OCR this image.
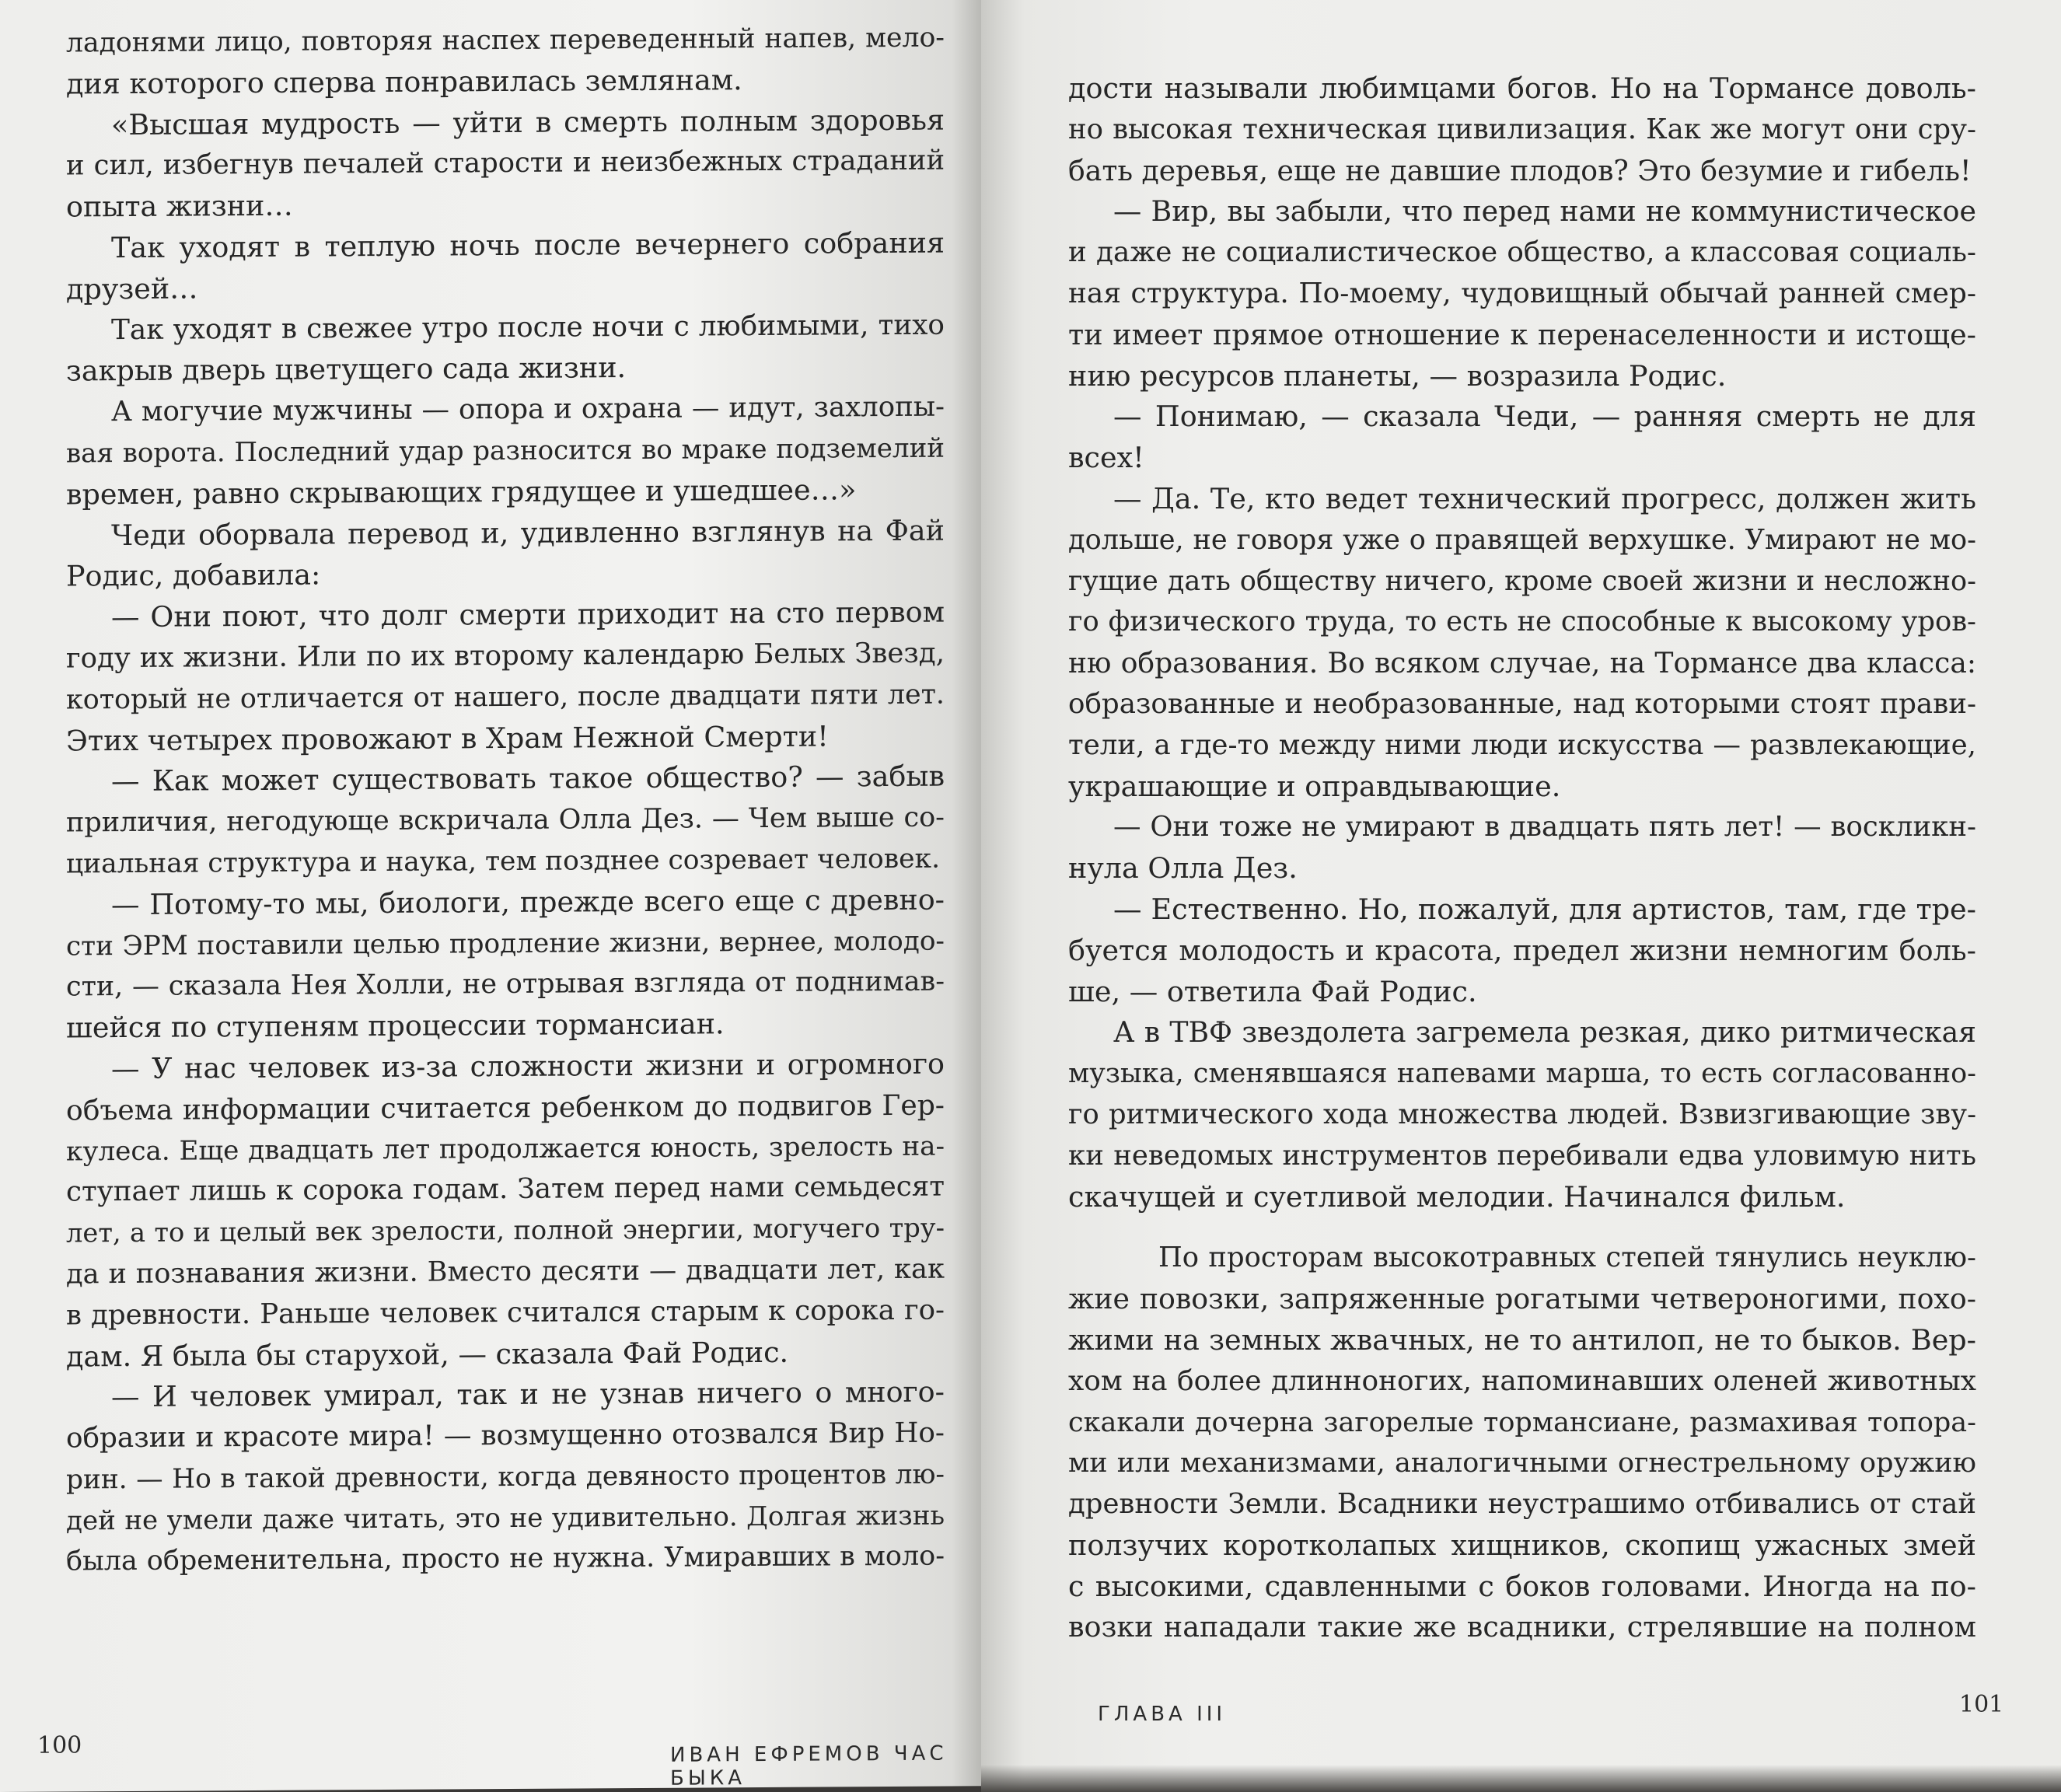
ладонями лицо, повторяя наспех переведенный напев, мело-
дия которого сперва понравилась землянам.
«Высшая мудрость — уйти в смерть полным здоровья
и сил, избегнув печалей старости и неизбежных страданий
опыта жизни…
Так уходят в теплую ночь после вечернего собрания
друзей…
Так уходят в свежее утро после ночи с любимыми, тихо
закрыв дверь цветущего сада жизни.
А могучие мужчины — опора и охрана — идут, захлопы-
вая ворота. Последний удар разносится во мраке подземелий
времен, равно скрывающих грядущее и ушедшее…»
Чеди оборвала перевод и, удивленно взглянув на Фай
Родис, добавила:
— Они поют, что долг смерти приходит на сто первом
году их жизни. Или по их второму календарю Белых Звезд,
который не отличается от нашего, после двадцати пяти лет.
Этих четырех провожают в Храм Нежной Смерти!
— Как может существовать такое общество? — забыв
приличия, негодующе вскричала Олла Дез. — Чем выше со-
циальная структура и наука, тем позднее созревает человек.
— Потому-то мы, биологи, прежде всего еще с древно-
сти ЭРМ поставили целью продление жизни, вернее, молодо-
сти, — сказала Нея Холли, не отрывая взгляда от поднимав-
шейся по ступеням процессии тормансиан.
— У нас человек из-за сложности жизни и огромного
объема информации считается ребенком до подвигов Гер-
кулеса. Еще двадцать лет продолжается юность, зрелость на-
ступает лишь к сорока годам. Затем перед нами семьдесят
лет, а то и целый век зрелости, полной энергии, могучего тру-
да и познавания жизни. Вместо десяти — двадцати лет, как
в древности. Раньше человек считался старым к сорока го-
дам. Я была бы старухой, — сказала Фай Родис.
— И человек умирал, так и не узнав ничего о много-
образии и красоте мира! — возмущенно отозвался Вир Но-
рин. — Но в такой древности, когда девяносто процентов лю-
дей не умели даже читать, это не удивительно. Долгая жизнь
была обременительна, просто не нужна. Умиравших в моло-
100	ИВАН ЕФРЕМОВ ЧАС БЫКА
дости называли любимцами богов. Но на Тормансе доволь-
но высокая техническая цивилизация. Как же могут они сру-
бать деревья, еще не давшие плодов? Это безумие и гибель!
— Вир, вы забыли, что перед нами не коммунистическое
и даже не социалистическое общество, а классовая социаль-
ная структура. По-моему, чудовищный обычай ранней смер-
ти имеет прямое отношение к перенаселенности и истоще-
нию ресурсов планеты, — возразила Родис.
— Понимаю, — сказала Чеди, — ранняя смерть не для
всех!
— Да. Те, кто ведет технический прогресс, должен жить
дольше, не говоря уже о правящей верхушке. Умирают не мо-
гущие дать обществу ничего, кроме своей жизни и несложно-
го физического труда, то есть не способные к высокому уров-
ню образования. Во всяком случае, на Тормансе два класса:
образованные и необразованные, над которыми стоят прави-
тели, а где-то между ними люди искусства — развлекающие,
украшающие и оправдывающие.
— Они тоже не умирают в двадцать пять лет! — воскликн-
нула Олла Дез.
— Естественно. Но, пожалуй, для артистов, там, где тре-
буется молодость и красота, предел жизни немногим боль-
ше, — ответила Фай Родис.
А в ТВФ звездолета загремела резкая, дико ритмическая
музыка, сменявшаяся напевами марша, то есть согласованно-
го ритмического хода множества людей. Взвизгивающие зву-
ки неведомых инструментов перебивали едва уловимую нить
скачущей и суетливой мелодии. Начинался фильм.
По просторам высокотравных степей тянулись неуклю-
жие повозки, запряженные рогатыми четвероногими, похо-
жими на земных жвачных, не то антилоп, не то быков. Вер-
хом на более длинноногих, напоминавших оленей животных
скакали дочерна загорелые тормансиане, размахивая топора-
ми или механизмами, аналогичными огнестрельному оружию
древности Земли. Всадники неустрашимо отбивались от стай
ползучих коротколапых хищников, скопищ ужасных змей
с высокими, сдавленными с боков головами. Иногда на по-
возки нападали такие же всадники, стрелявшие на полном
ГЛАВА III	101
